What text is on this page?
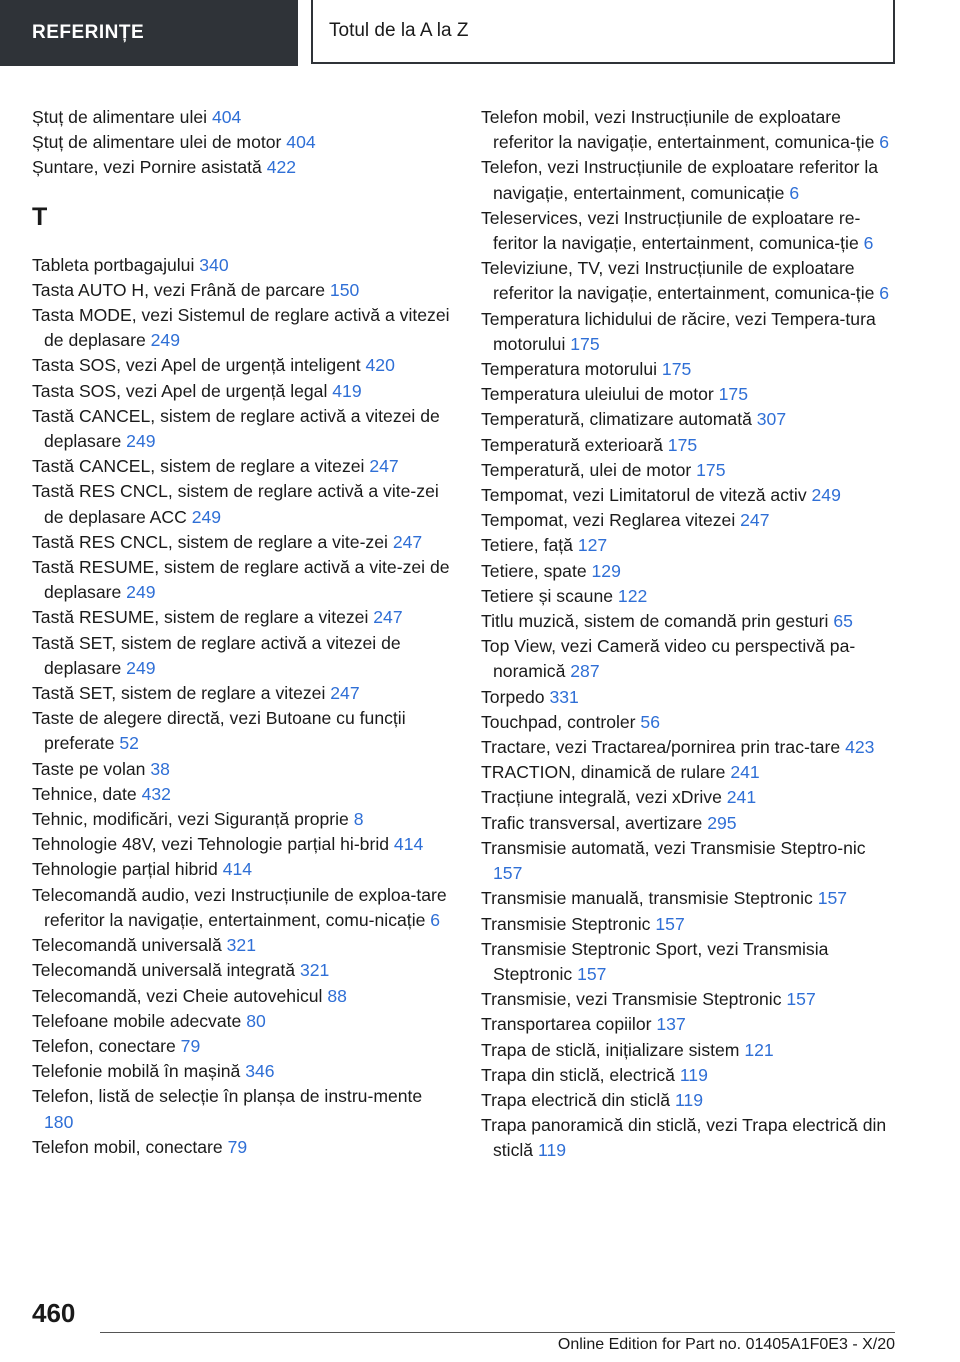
REFERINȚE	Totul de la A la Z

Ștuț de alimentare ulei 404

Ștuț de alimentare ulei de motor 404

Șuntare, vezi Pornire asistată 422

T

Tableta portbagajului 340

Tasta AUTO H, vezi Frână de parcare 150

Tasta MODE, vezi Sistemul de reglare activă a vitezei de deplasare 249

Tasta SOS, vezi Apel de urgență inteligent 420

Tasta SOS, vezi Apel de urgență legal 419

Tastă CANCEL, sistem de reglare activă a vitezei de deplasare 249

Tastă CANCEL, sistem de reglare a vitezei 247

Tastă RES CNCL, sistem de reglare activă a vite‐zei de deplasare ACC 249

Tastă RES CNCL, sistem de reglare a vite‐zei 247

Tastă RESUME, sistem de reglare activă a vite‐zei de deplasare 249

Tastă RESUME, sistem de reglare a vitezei 247

Tastă SET, sistem de reglare activă a vitezei de deplasare 249

Tastă SET, sistem de reglare a vitezei 247

Taste de alegere directă, vezi Butoane cu funcții preferate 52

Taste pe volan 38

Tehnice, date 432

Tehnic, modificări, vezi Siguranță proprie 8

Tehnologie 48V, vezi Tehnologie parțial hi‐brid 414

Tehnologie parțial hibrid 414

Telecomandă audio, vezi Instrucțiunile de exploa‐tare referitor la navigație, entertainment, comu‐nicație 6

Telecomandă universală 321

Telecomandă universală integrată 321

Telecomandă, vezi Cheie autovehicul 88

Telefoane mobile adecvate 80

Telefon, conectare 79

Telefonie mobilă în mașină 346

Telefon, listă de selecție în planșa de instru‐mente 180

Telefon mobil, conectare 79

Telefon mobil, vezi Instrucțiunile de exploatare referitor la navigație, entertainment, comunica‐ție 6

Telefon, vezi Instrucțiunile de exploatare referitor la navigație, entertainment, comunicație 6

Teleservices, vezi Instrucțiunile de exploatare re‐feritor la navigație, entertainment, comunica‐ție 6

Televiziune, TV, vezi Instrucțiunile de exploatare referitor la navigație, entertainment, comunica‐ție 6

Temperatura lichidului de răcire, vezi Tempera‐tura motorului 175

Temperatura motorului 175

Temperatura uleiului de motor 175

Temperatură, climatizare automată 307

Temperatură exterioară 175

Temperatură, ulei de motor 175

Tempomat, vezi Limitatorul de viteză activ 249

Tempomat, vezi Reglarea vitezei 247

Tetiere, față 127

Tetiere, spate 129

Tetiere și scaune 122

Titlu muzică, sistem de comandă prin gesturi 65

Top View, vezi Cameră video cu perspectivă pa‐noramică 287

Torpedo 331

Touchpad, controler 56

Tractare, vezi Tractarea/pornirea prin trac‐tare 423

TRACTION, dinamică de rulare 241

Tracțiune integrală, vezi xDrive 241

Trafic transversal, avertizare 295

Transmisie automată, vezi Transmisie Steptro‐nic 157

Transmisie manuală, transmisie Steptronic 157

Transmisie Steptronic 157

Transmisie Steptronic Sport, vezi Transmisia Steptronic 157

Transmisie, vezi Transmisie Steptronic 157

Transportarea copiilor 137

Trapa de sticlă, inițializare sistem 121

Trapa din sticlă, electrică 119

Trapa electrică din sticlă 119

Trapa panoramică din sticlă, vezi Trapa electrică din sticlă 119

460
Online Edition for Part no. 01405A1F0E3 - X/20
